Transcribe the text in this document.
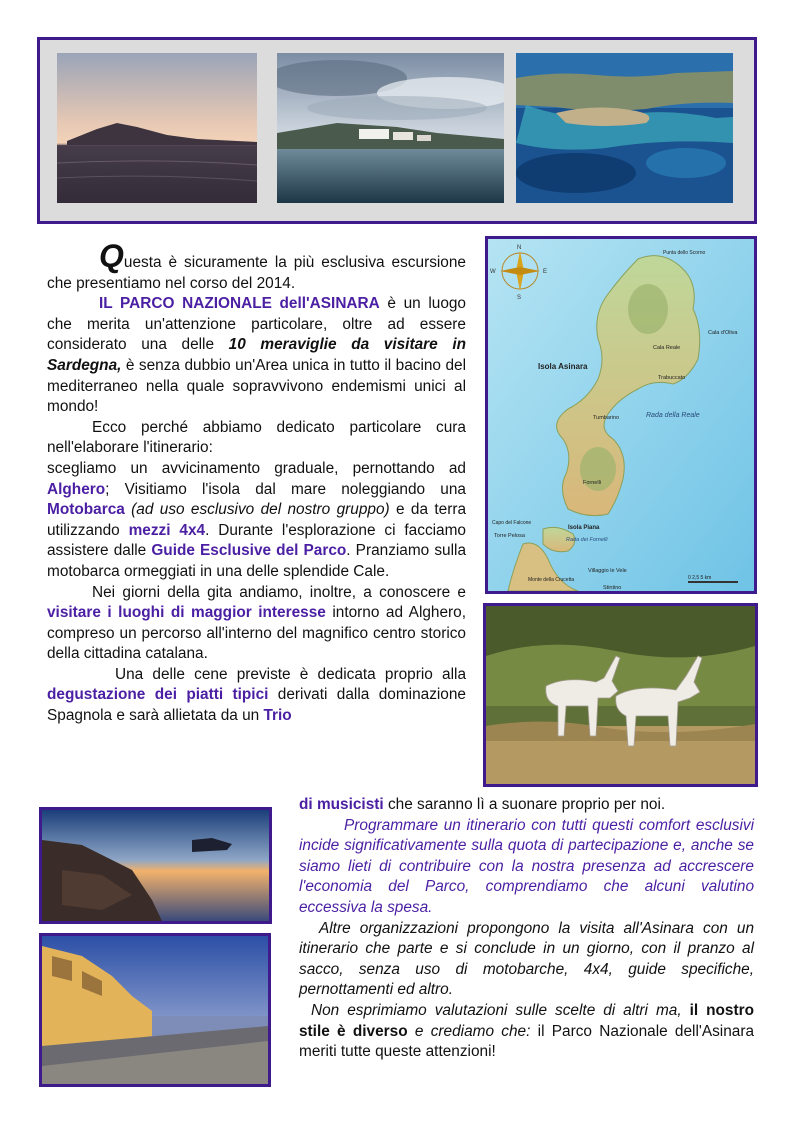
Questa è sicuramente la più esclusiva escursione che presentiamo nel corso del 2014.

IL PARCO NAZIONALE dell'ASINARA è un luogo che merita un'attenzione particolare, oltre ad essere considerato una delle 10 meraviglie da visitare in Sardegna, è senza dubbio un'Area unica in tutto il bacino del mediterraneo nella quale sopravvivono endemismi unici al mondo!

Ecco perché abbiamo dedicato particolare cura nell'elaborare l'itinerario:

scegliamo un avvicinamento graduale, pernottando ad Alghero; Visitiamo l'isola dal mare noleggiando una Motobarca (ad uso esclusivo del nostro gruppo) e da terra utilizzando mezzi 4x4. Durante l'esplorazione ci facciamo assistere dalle Guide Esclusive del Parco. Pranziamo sulla motobarca ormeggiati in una delle splendide Cale.

Nei giorni della gita andiamo, inoltre, a conoscere e visitare i luoghi di maggior interesse intorno ad Alghero, compreso un percorso all'interno del magnifico centro storico della cittadina catalana.

Una delle cene previste è dedicata proprio alla degustazione dei piatti tipici derivati dalla dominazione Spagnola e sarà allietata da un Trio

N
S
E
W
Isola Asinara
Rada della Reale
Isola Piana
Rada dei Fornelli
Stintino
Villaggio le Vele
Capo del Falcone
Torre Pelosa
Monte della Crucetta
Cala d'Oliva
Cala Reale
Fornelli
Trabuccato
Tumbarino
Punta dello Scorno
0 2,5 5 km

di musicisti che saranno lì a suonare proprio per noi.

Programmare un itinerario con tutti questi comfort esclusivi incide significativamente sulla quota di partecipazione e, anche se siamo lieti di contribuire con la nostra presenza ad accrescere l'economia del Parco, comprendiamo che alcuni valutino eccessiva la spesa.

Altre organizzazioni propongono la visita all'Asinara con un itinerario che parte e si conclude in un giorno, con il pranzo al sacco, senza uso di motobarche, 4x4, guide specifiche, pernottamenti ed altro.

Non esprimiamo valutazioni sulle scelte di altri ma, il nostro stile è diverso e crediamo che: il Parco Nazionale dell'Asinara meriti tutte queste attenzioni!
